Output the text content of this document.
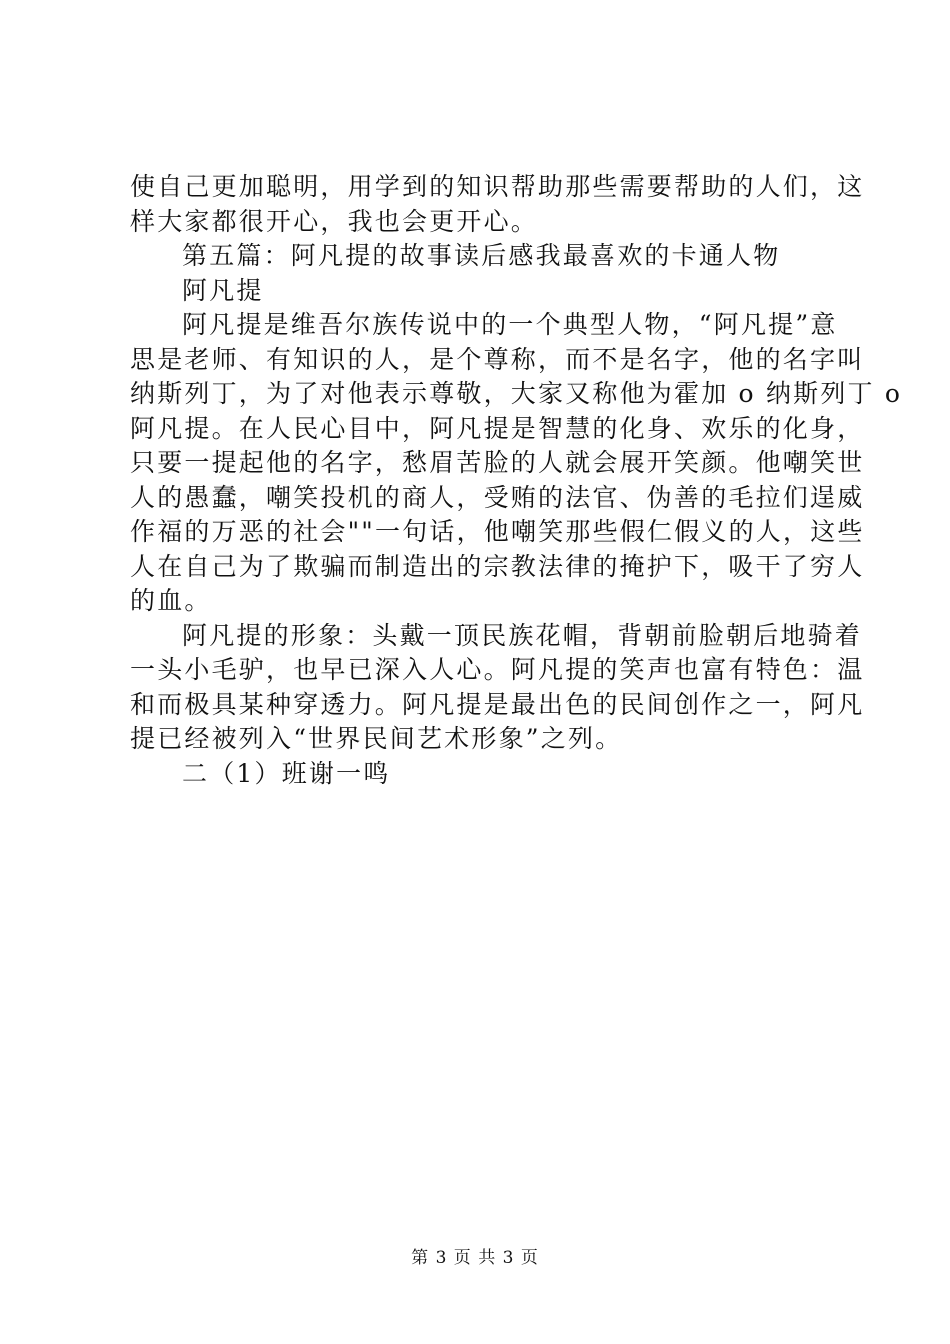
使自己更加聪明，用学到的知识帮助那些需要帮助的人们，这
样大家都很开心，我也会更开心。
第五篇：阿凡提的故事读后感我最喜欢的卡通人物
阿凡提
阿凡提是维吾尔族传说中的一个典型人物，“阿凡提”意
思是老师、有知识的人，是个尊称，而不是名字，他的名字叫
纳斯列丁，为了对他表示尊敬，大家又称他为霍加 o 纳斯列丁 o
阿凡提。在人民心目中，阿凡提是智慧的化身、欢乐的化身，
只要一提起他的名字，愁眉苦脸的人就会展开笑颜。他嘲笑世
人的愚蠢，嘲笑投机的商人，受贿的法官、伪善的毛拉们逞威
作福的万恶的社会""一句话，他嘲笑那些假仁假义的人，这些
人在自己为了欺骗而制造出的宗教法律的掩护下，吸干了穷人
的血。
阿凡提的形象：头戴一顶民族花帽，背朝前脸朝后地骑着
一头小毛驴，也早已深入人心。阿凡提的笑声也富有特色：温
和而极具某种穿透力。阿凡提是最出色的民间创作之一，阿凡
提已经被列入“世界民间艺术形象”之列。
二（1）班谢一鸣
第 3 页 共 3 页
